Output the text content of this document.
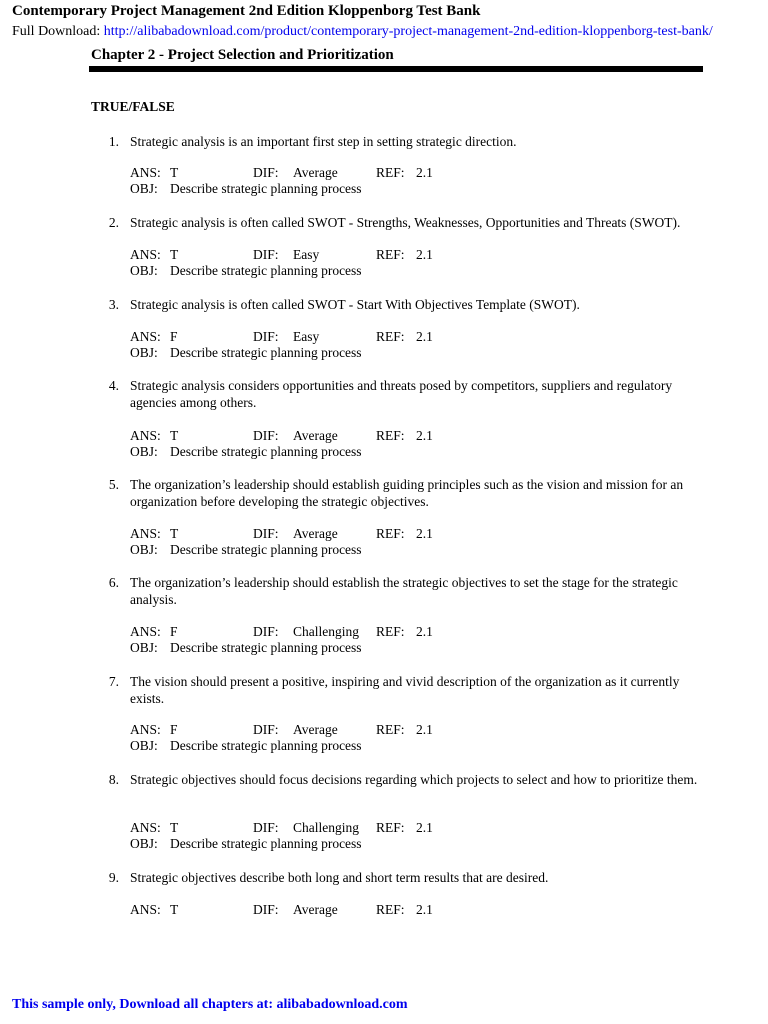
Contemporary Project Management 2nd Edition Kloppenborg Test Bank
Full Download: http://alibabadownload.com/product/contemporary-project-management-2nd-edition-kloppenborg-test-bank/
Chapter 2 - Project Selection and Prioritization
TRUE/FALSE
1. Strategic analysis is an important first step in setting strategic direction.
ANS: T	DIF: Average	REF: 2.1
OBJ: Describe strategic planning process
2. Strategic analysis is often called SWOT - Strengths, Weaknesses, Opportunities and Threats (SWOT).
ANS: T	DIF: Easy	REF: 2.1
OBJ: Describe strategic planning process
3. Strategic analysis is often called SWOT - Start With Objectives Template (SWOT).
ANS: F	DIF: Easy	REF: 2.1
OBJ: Describe strategic planning process
4. Strategic analysis considers opportunities and threats posed by competitors, suppliers and regulatory agencies among others.
ANS: T	DIF: Average	REF: 2.1
OBJ: Describe strategic planning process
5. The organization’s leadership should establish guiding principles such as the vision and mission for an organization before developing the strategic objectives.
ANS: T	DIF: Average	REF: 2.1
OBJ: Describe strategic planning process
6. The organization’s leadership should establish the strategic objectives to set the stage for the strategic analysis.
ANS: F	DIF: Challenging REF: 2.1
OBJ: Describe strategic planning process
7. The vision should present a positive, inspiring and vivid description of the organization as it currently exists.
ANS: F	DIF: Average	REF: 2.1
OBJ: Describe strategic planning process
8. Strategic objectives should focus decisions regarding which projects to select and how to prioritize them.
ANS: T	DIF: Challenging REF: 2.1
OBJ: Describe strategic planning process
9. Strategic objectives describe both long and short term results that are desired.
ANS: T	DIF: Average	REF: 2.1
This sample only, Download all chapters at: alibabadownload.com
